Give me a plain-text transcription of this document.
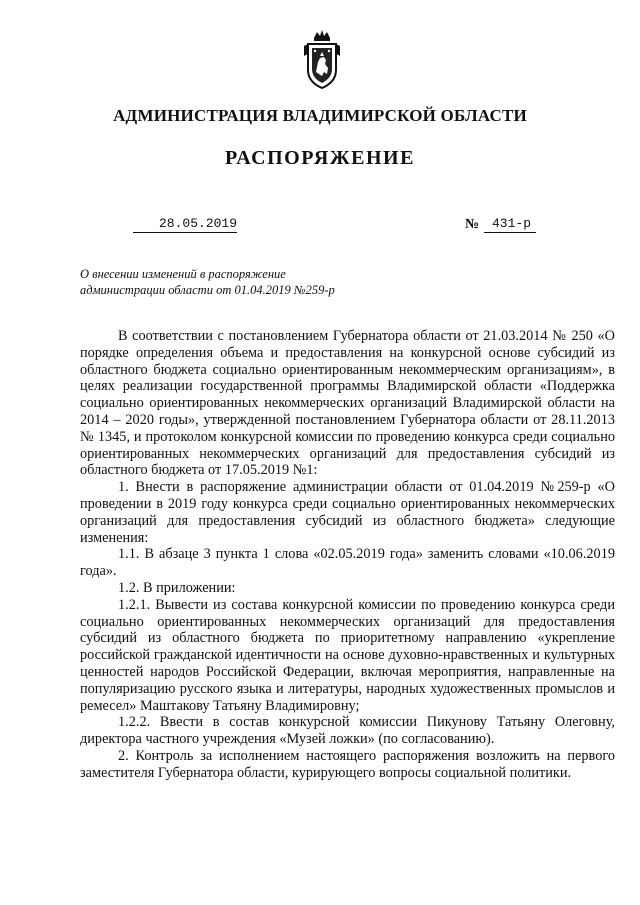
АДМИНИСТРАЦИЯ ВЛАДИМИРСКОЙ ОБЛАСТИ
РАСПОРЯЖЕНИЕ
28.05.2019	№ 431-р
О внесении изменений в распоряжение
администрации области от 01.04.2019 №259-р

В соответствии с постановлением Губернатора области от 21.03.2014 № 250 «О порядке определения объема и предоставления на конкурсной основе субсидий из областного бюджета социально ориентированным некоммерческим организациям», в целях реализации государственной программы Владимирской области «Поддержка социально ориентированных некоммерческих организаций Владимирской области на 2014 – 2020 годы», утвержденной постановлением Губернатора области от 28.11.2013 № 1345, и протоколом конкурсной комиссии по проведению конкурса среди социально ориентированных некоммерческих организаций для предоставления субсидий из областного бюджета от 17.05.2019 №1:

1. Внести в распоряжение администрации области от 01.04.2019 №259-р «О проведении в 2019 году конкурса среди социально ориентированных некоммерческих организаций для предоставления субсидий из областного бюджета» следующие изменения:

1.1. В абзаце 3 пункта 1 слова «02.05.2019 года» заменить словами «10.06.2019 года».

1.2. В приложении:

1.2.1. Вывести из состава конкурсной комиссии по проведению конкурса среди социально ориентированных некоммерческих организаций для предоставления субсидий из областного бюджета по приоритетному направлению «укрепление российской гражданской идентичности на основе духовно-нравственных и культурных ценностей народов Российской Федерации, включая мероприятия, направленные на популяризацию русского языка и литературы, народных художественных промыслов и ремесел» Маштакову Татьяну Владимировну;

1.2.2. Ввести в состав конкурсной комиссии Пикунову Татьяну Олеговну, директора частного учреждения «Музей ложки» (по согласованию).

2. Контроль за исполнением настоящего распоряжения возложить на первого заместителя Губернатора области, курирующего вопросы социальной политики.
